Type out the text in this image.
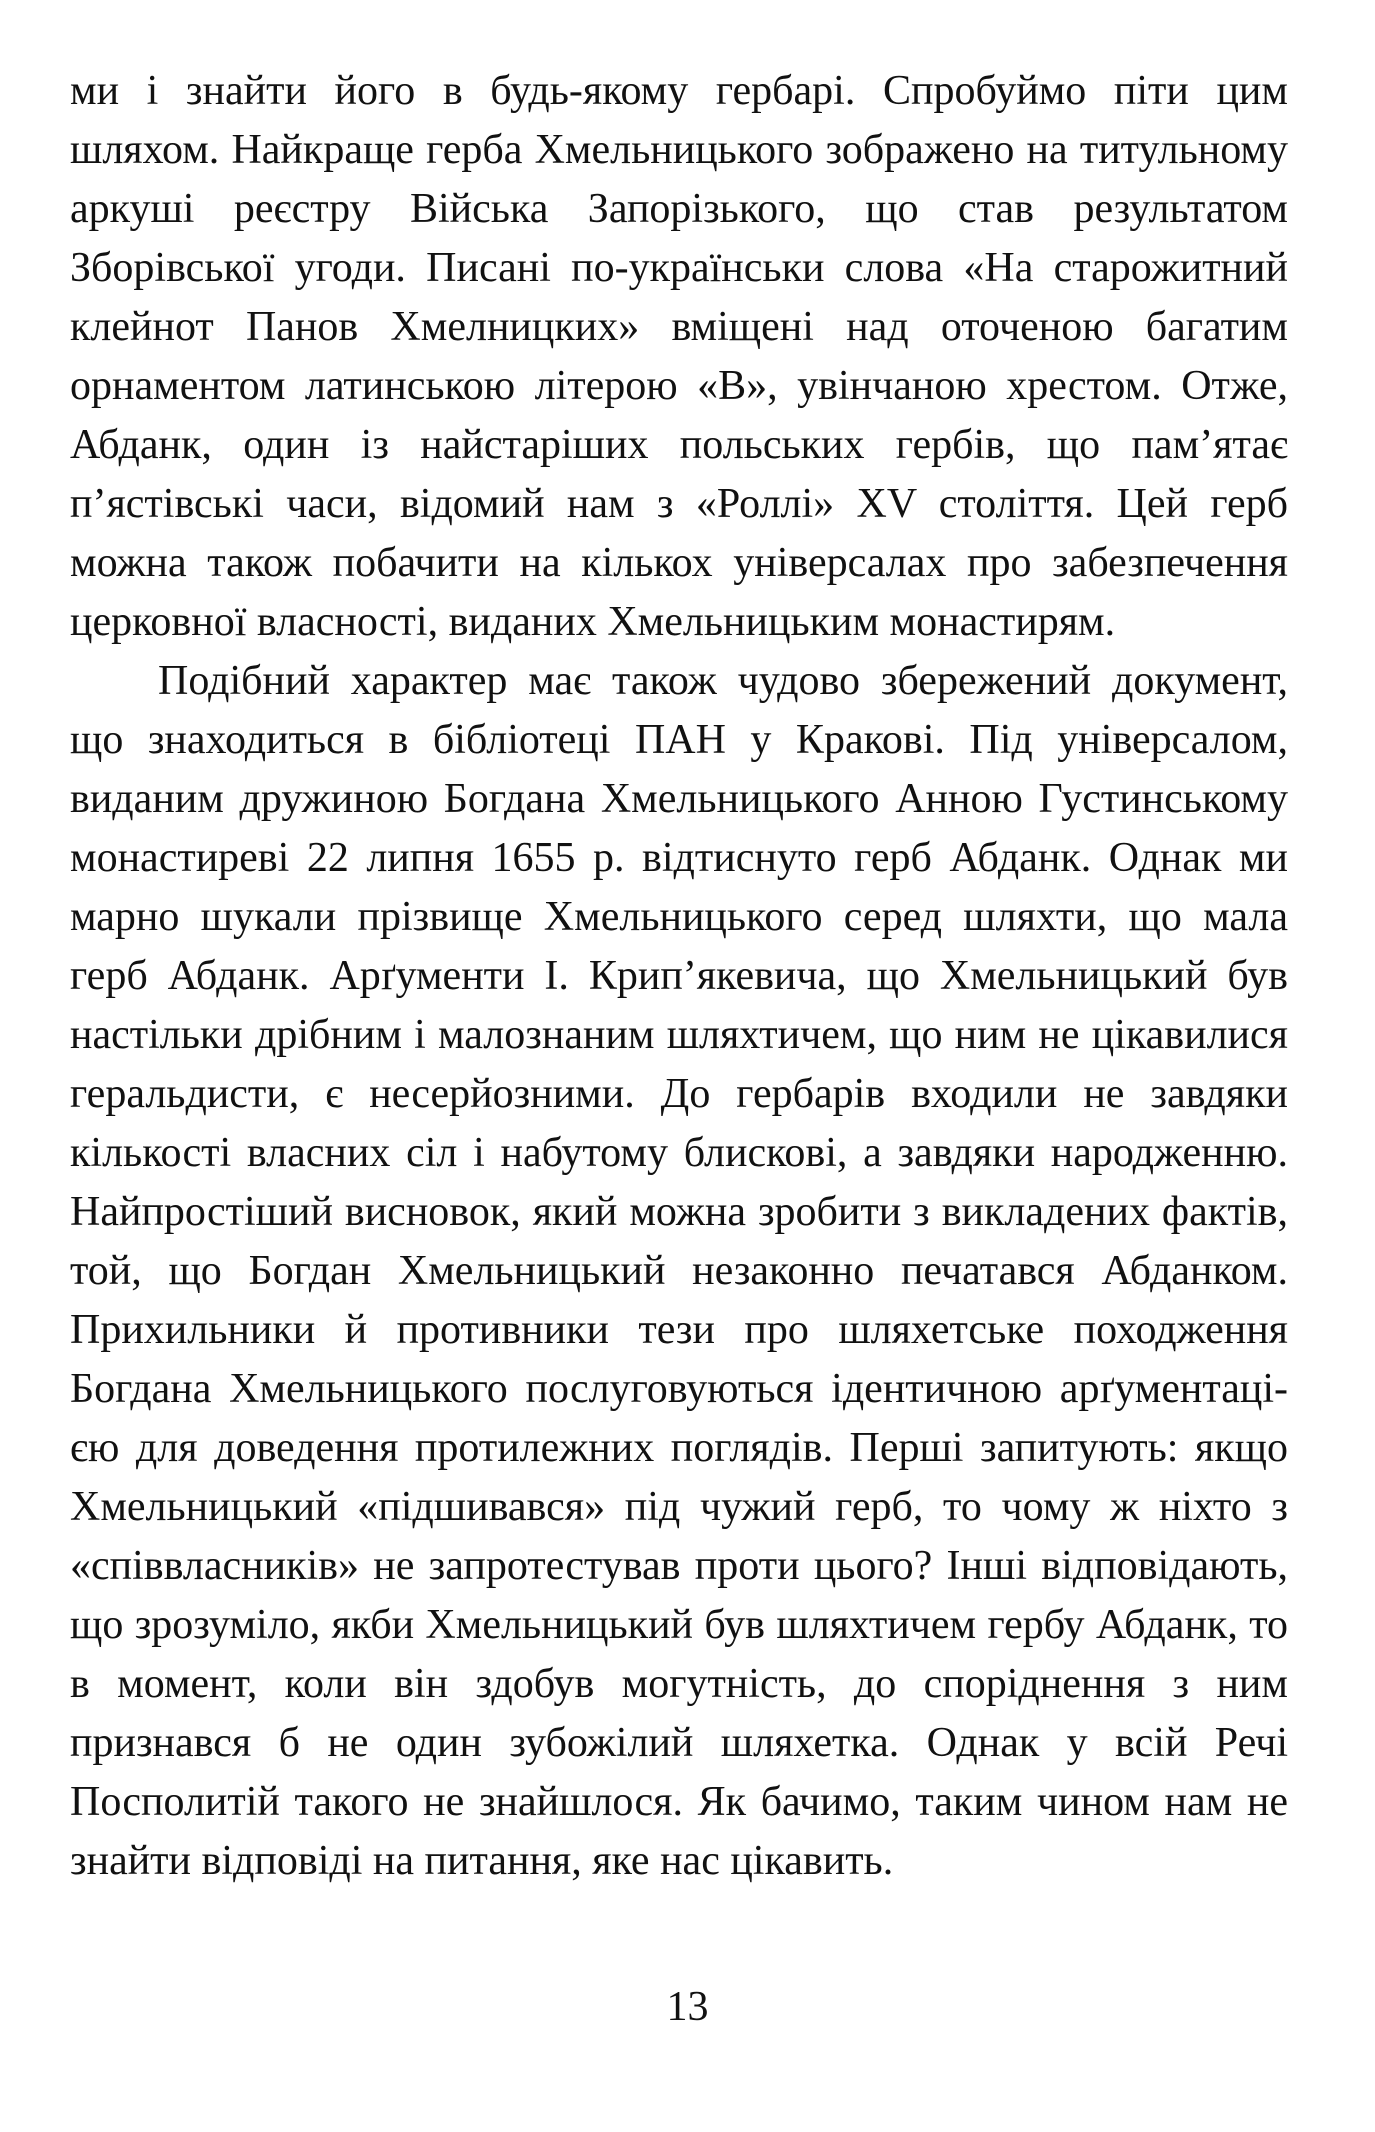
ми і знайти його в будь-якому гербарі. Спробуймо піти цим шляхом. Найкраще герба Хмельницького зображено на титульному аркуші реєстру Війська Запорізького, що став результатом Зборівської угоди. Писані по-українськи слова «На старожитний клейнот Панов Хмелницких» вміщені над оточеною багатим орнаментом латинською літерою «B», увінчаною хрестом. Отже, Абданк, один із найстаріших польських гербів, що пам’ятає п’ястівські часи, відомий нам з «Роллі» XV століття. Цей герб можна також побачити на кількох універсалах про забезпечення церковної власності, виданих Хмельницьким монастирям.

Подібний характер має також чудово збережений документ, що знаходиться в бібліотеці ПАН у Кракові. Під універсалом, виданим дружиною Богдана Хмельницького Анною Густинському монастиреві 22 липня 1655 р. відтиснуто герб Абданк. Однак ми марно шукали прізвище Хмельницького серед шляхти, що мала герб Абданк. Арґументи І. Крип’якевича, що Хмельницький був настільки дрібним і малознаним шляхтичем, що ним не цікавилися геральдисти, є несерйозними. До гербарів входили не завдяки кількості власних сіл і набутому блискові, а завдяки народженню. Найпростіший висновок, який можна зробити з викладених фактів, той, що Богдан Хмельницький незаконно печатався Абданком. Прихильники й противники тези про шляхетське походження Богдана Хмельницького послуговуються ідентичною арґументацією для доведення протилежних поглядів. Перші запитують: якщо Хмельницький «підшивався» під чужий герб, то чому ж ніхто з «співвласників» не запротестував проти цього? Інші відповідають, що зрозуміло, якби Хмельницький був шляхтичем гербу Абданк, то в момент, коли він здобув могутність, до споріднення з ним признався б не один зубожілий шляхетка. Однак у всій Речі Посполитій такого не знайшлося. Як бачимо, таким чином нам не знайти відповіді на питання, яке нас цікавить.

13
